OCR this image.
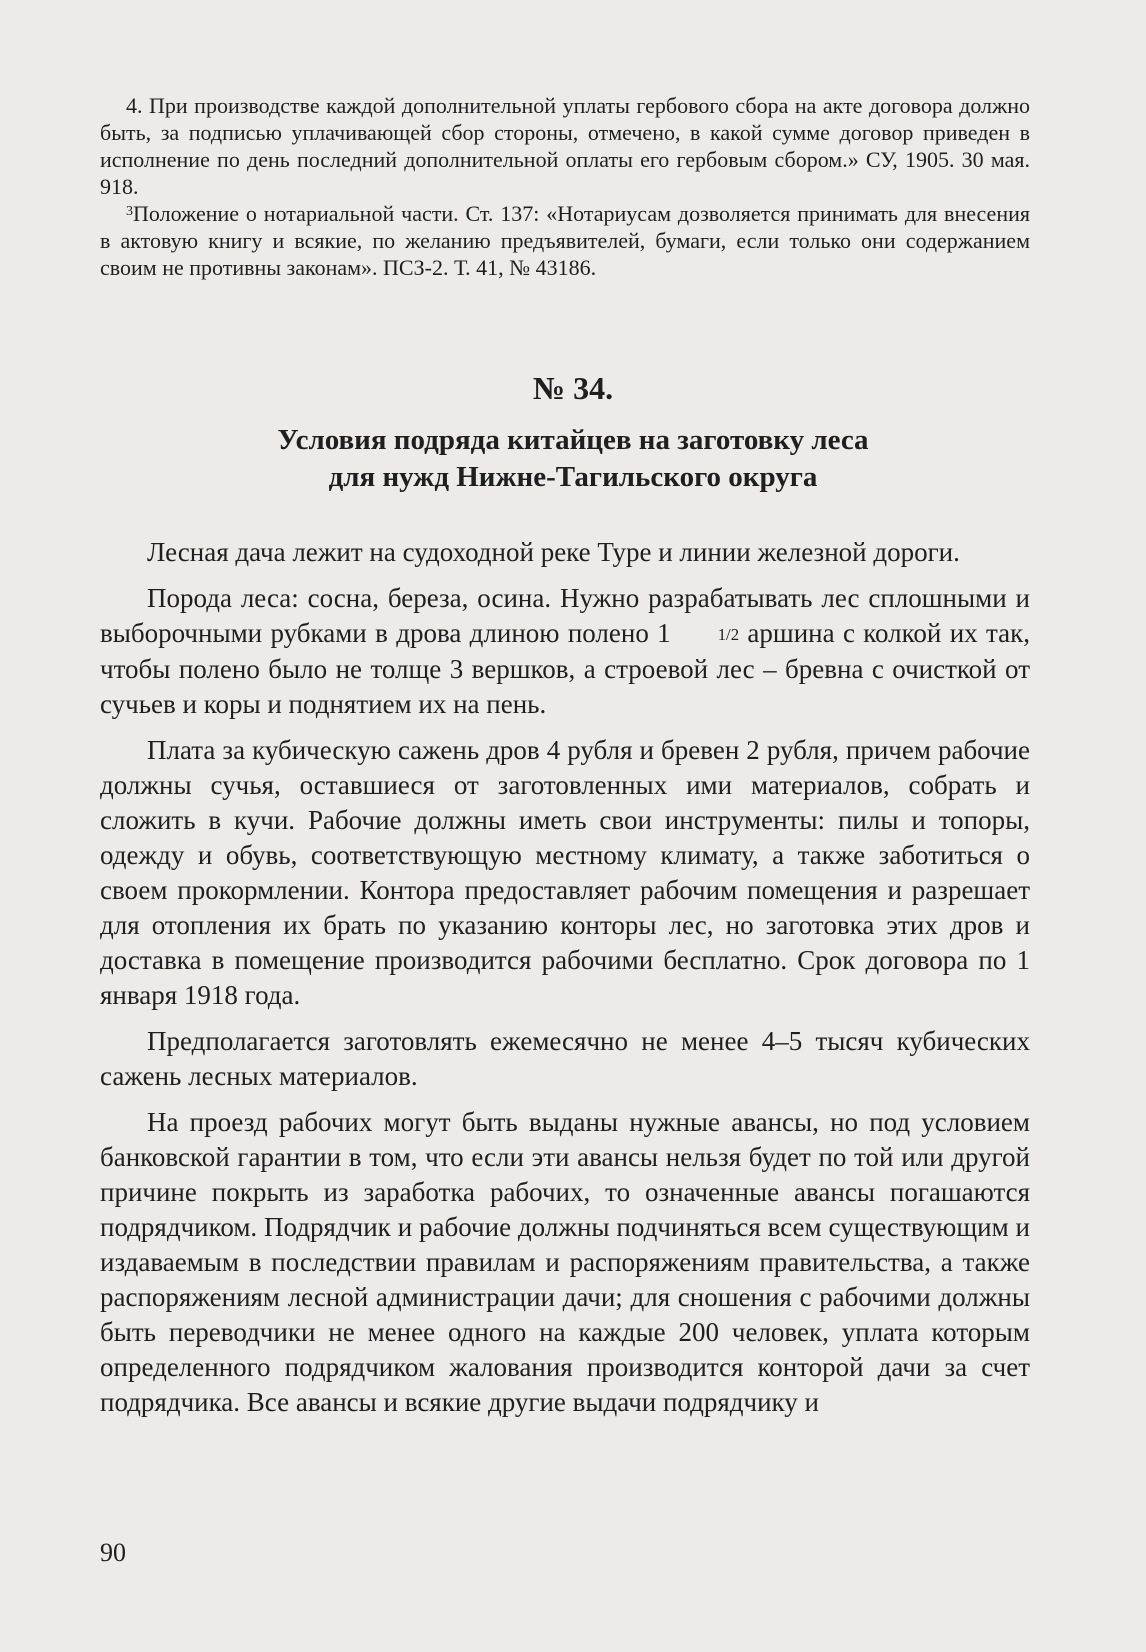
4. При производстве каждой дополнительной уплаты гербового сбора на акте договора должно быть, за подписью уплачивающей сбор стороны, отмечено, в какой сумме договор приведен в исполнение по день последний дополнительной оплаты его гербовым сбором.» СУ, 1905. 30 мая. 918.

$^3$Положение о нотариальной части. Ст. 137: «Нотариусам дозволяется принимать для внесения в актовую книгу и всякие, по желанию предъявителей, бумаги, если только они содержанием своим не противны законам». ПСЗ-2. Т. 41, № 43186.

№ 34.
Условия подряда китайцев на заготовку леса
для нужд Нижне-Тагильского округа

Лесная дача лежит на судоходной реке Туре и линии железной дороги.

Порода леса: сосна, береза, осина. Нужно разрабатывать лес сплошными и выборочными рубками в дрова длиною полено 1	1/2 аршина с колкой их так, чтобы полено было не толще 3 вершков, а строевой лес – бревна с очисткой от сучьев и коры и поднятием их на пень.

Плата за кубическую сажень дров 4 рубля и бревен 2 рубля, причем рабочие должны сучья, оставшиеся от заготовленных ими материалов, собрать и сложить в кучи. Рабочие должны иметь свои инструменты: пилы и топоры, одежду и обувь, соответствующую местному климату, а также заботиться о своем прокормлении. Контора предоставляет рабочим помещения и разрешает для отопления их брать по указанию конторы лес, но заготовка этих дров и доставка в помещение производится рабочими бесплатно. Срок договора по 1 января 1918 года.

Предполагается заготовлять ежемесячно не менее 4–5 тысяч кубических сажень лесных материалов.

На проезд рабочих могут быть выданы нужные авансы, но под условием банковской гарантии в том, что если эти авансы нельзя будет по той или другой причине покрыть из заработка рабочих, то означенные авансы погашаются подрядчиком. Подрядчик и рабочие должны подчиняться всем существующим и издаваемым в последствии правилам и распоряжениям правительства, а также распоряжениям лесной администрации дачи; для сношения с рабочими должны быть переводчики не менее одного на каждые 200 человек, уплата которым определенного подрядчиком жалования производится конторой дачи за счет подрядчика. Все авансы и всякие другие выдачи подрядчику и

90
